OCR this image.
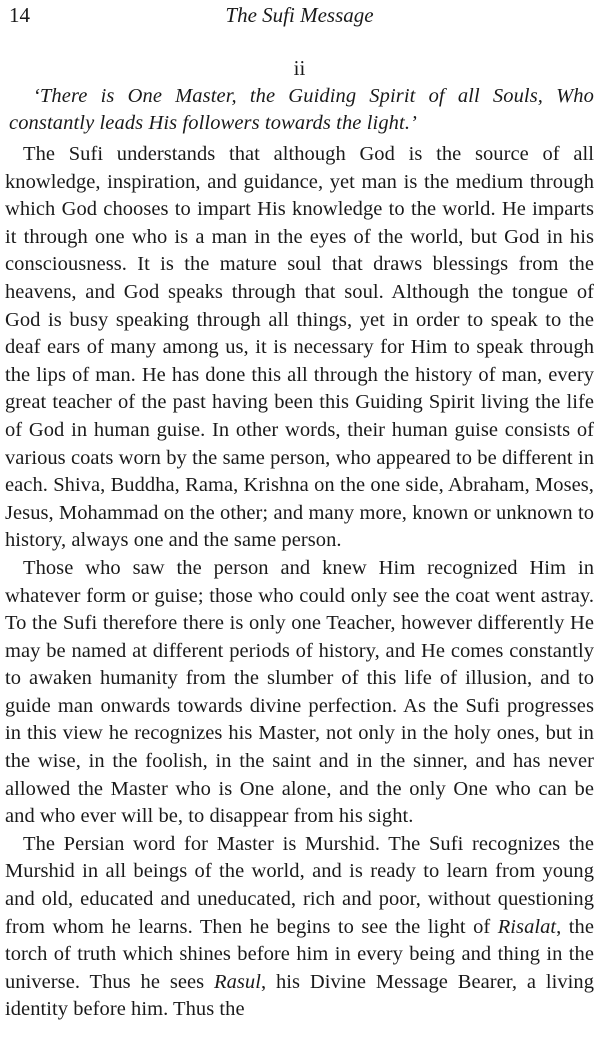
14	The Sufi Message
ii

‘There is One Master, the Guiding Spirit of all Souls, Who constantly leads His followers towards the light.’

The Sufi understands that although God is the source of all knowledge, inspiration, and guidance, yet man is the medium through which God chooses to impart His knowledge to the world. He imparts it through one who is a man in the eyes of the world, but God in his consciousness. It is the mature soul that draws blessings from the heavens, and God speaks through that soul. Although the tongue of God is busy speaking through all things, yet in order to speak to the deaf ears of many among us, it is necessary for Him to speak through the lips of man. He has done this all through the history of man, every great teacher of the past having been this Guiding Spirit living the life of God in human guise. In other words, their human guise consists of various coats worn by the same person, who appeared to be different in each. Shiva, Buddha, Rama, Krishna on the one side, Abraham, Moses, Jesus, Mohammad on the other; and many more, known or unknown to history, always one and the same person.

Those who saw the person and knew Him recognized Him in whatever form or guise; those who could only see the coat went astray. To the Sufi therefore there is only one Teacher, however differently He may be named at different periods of history, and He comes constantly to awaken humanity from the slumber of this life of illusion, and to guide man onwards towards divine perfection. As the Sufi progresses in this view he recognizes his Master, not only in the holy ones, but in the wise, in the foolish, in the saint and in the sinner, and has never allowed the Master who is One alone, and the only One who can be and who ever will be, to disappear from his sight.

The Persian word for Master is Murshid. The Sufi recognizes the Murshid in all beings of the world, and is ready to learn from young and old, educated and uneducated, rich and poor, without questioning from whom he learns. Then he begins to see the light of Risalat, the torch of truth which shines before him in every being and thing in the universe. Thus he sees Rasul, his Divine Message Bearer, a living identity before him. Thus the
